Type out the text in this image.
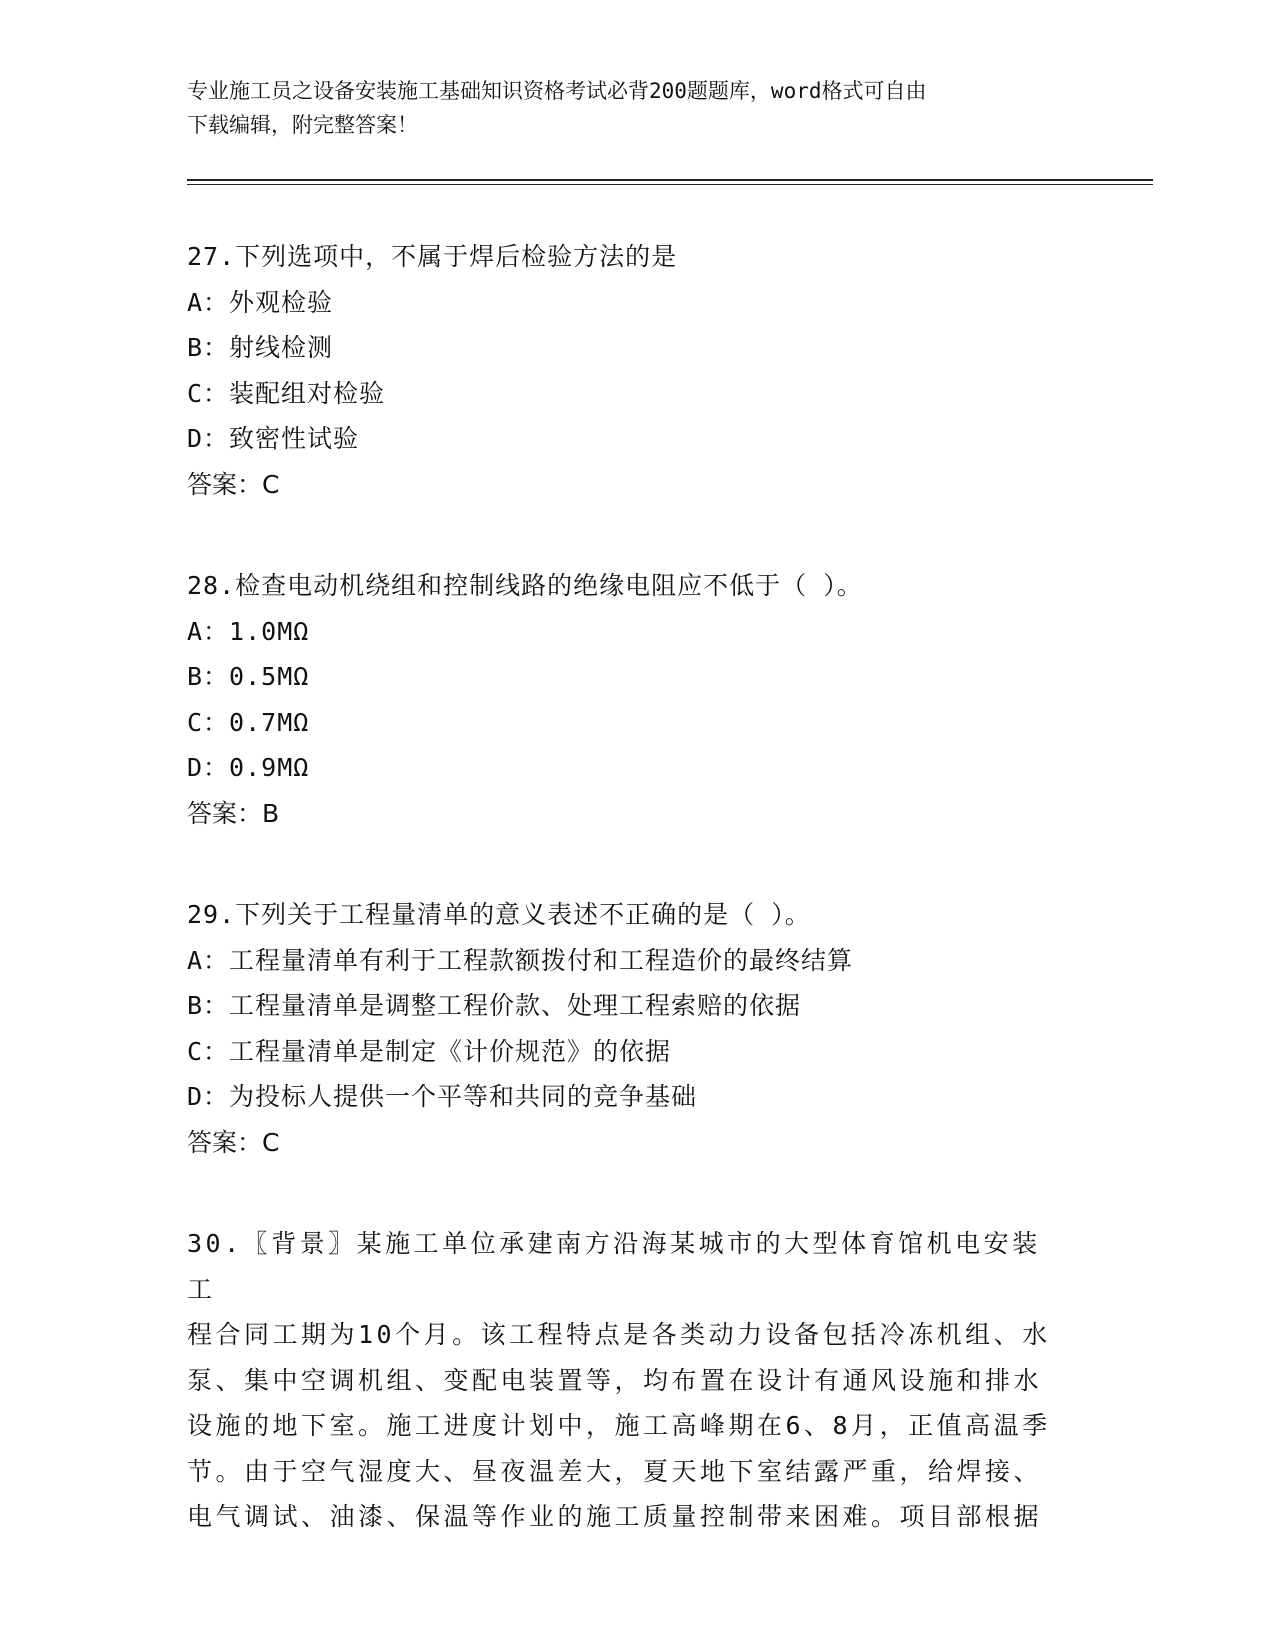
专业施工员之设备安装施工基础知识资格考试必背200题题库，word格式可自由
下载编辑，附完整答案！
27.下列选项中，不属于焊后检验方法的是
A：外观检验
B：射线检测
C：装配组对检验
D：致密性试验
答案：C
28.检查电动机绕组和控制线路的绝缘电阻应不低于（ ）。
A：1.0MΩ
B：0.5MΩ
C：0.7MΩ
D：0.9MΩ
答案：B
29.下列关于工程量清单的意义表述不正确的是（ ）。
A：工程量清单有利于工程款额拨付和工程造价的最终结算
B：工程量清单是调整工程价款、处理工程索赔的依据
C：工程量清单是制定《计价规范》的依据
D：为投标人提供一个平等和共同的竞争基础
答案：C
30.〖背景〗某施工单位承建南方沿海某城市的大型体育馆机电安装工
程合同工期为10个月。该工程特点是各类动力设备包括冷冻机组、水
泵、集中空调机组、变配电装置等，均布置在设计有通风设施和排水
设施的地下室。施工进度计划中，施工高峰期在6、8月，正值高温季
节。由于空气湿度大、昼夜温差大，夏天地下室结露严重，给焊接、
电气调试、油漆、保温等作业的施工质量控制带来困难。项目部根据
